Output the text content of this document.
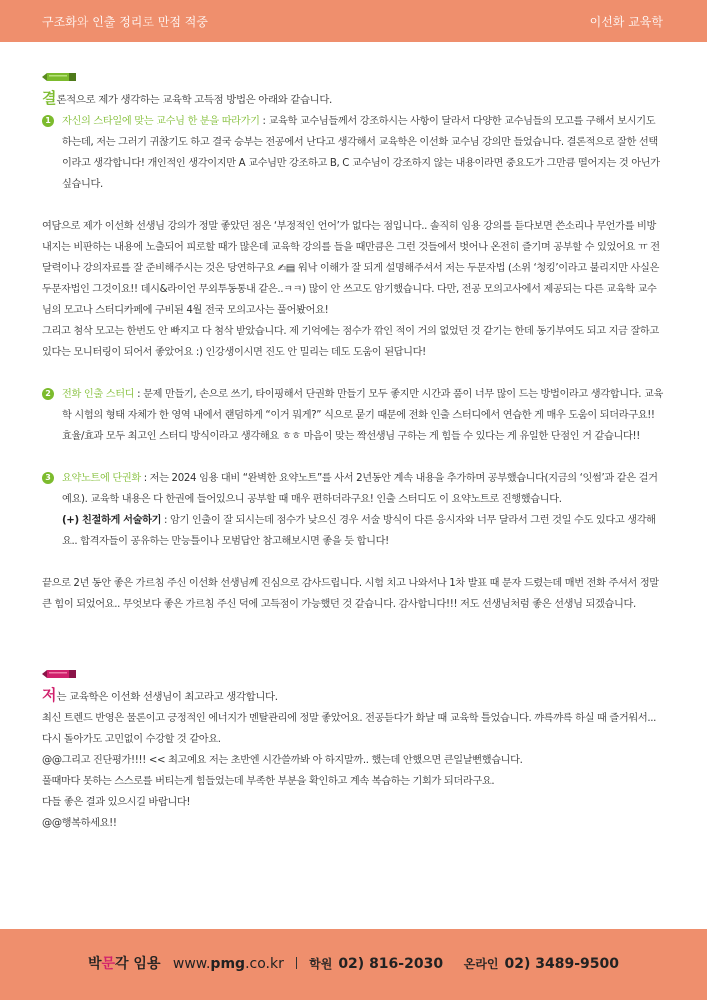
구조화와 인출 정리로 만점 적중	이선화 교육학

결론적으로 제가 생각하는 교육학 고득점 방법은 아래와 같습니다.

1	자신의 스타일에 맞는 교수님 한 분을 따라가기 : 교육학 교수님들께서 강조하시는 사항이 달라서 다양한 교수님들의 모고를 구해서 보시기도 하는데, 저는 그러기 귀찮기도 하고 결국 승부는 전공에서 난다고 생각해서 교육학은 이선화 교수님 강의만 들었습니다. 결론적으로 잘한 선택이라고 생각합니다! 개인적인 생각이지만 A 교수님만 강조하고 B, C 교수님이 강조하지 않는 내용이라면 중요도가 그만큼 떨어지는 것 아닌가 싶습니다.

여담으로 제가 이선화 선생님 강의가 정말 좋았던 점은 ‘부정적인 언어’가 없다는 점입니다.. 솔직히 임용 강의를 듣다보면 쓴소리나 무언가를 비방 내지는 비판하는 내용에 노출되어 피로할 때가 많은데 교육학 강의를 들을 때만큼은 그런 것들에서 벗어나 온전히 즐기며 공부할 수 있었어요 ㅠ 전달력이나 강의자료를 잘 준비해주시는 것은 당연하구요 ✍▤ 워낙 이해가 잘 되게 설명해주셔서 저는 두문자법 (소위 ‘청킹’이라고 불리지만 사실은 두문자법인 그것이요!! 데시&라이언 무외투동통내 같은..ㅋㅋ) 많이 안 쓰고도 암기했습니다. 다만, 전공 모의고사에서 제공되는 다른 교육학 교수님의 모고나 스터디카페에 구비된 4월 전국 모의고사는 풀어봤어요!

그리고 첨삭 모고는 한번도 안 빠지고 다 첨삭 받았습니다. 제 기억에는 점수가 깎인 적이 거의 없었던 것 같기는 한데 동기부여도 되고 지금 잘하고 있다는 모니터링이 되어서 좋았어요 :) 인강생이시면 진도 안 밀리는 데도 도움이 된답니다!

2	전화 인출 스터디 : 문제 만들기, 손으로 쓰기, 타이핑해서 단권화 만들기 모두 좋지만 시간과 품이 너무 많이 드는 방법이라고 생각합니다. 교육학 시험의 형태 자체가 한 영역 내에서 랜덤하게 “이거 뭐게?” 식으로 묻기 때문에 전화 인출 스터디에서 연습한 게 매우 도움이 되더라구요!! 효율/효과 모두 최고인 스터디 방식이라고 생각해요 ㅎㅎ 마음이 맞는 짝선생님 구하는 게 힘들 수 있다는 게 유일한 단점인 거 같습니다!!
3	요약노트에 단권화 : 저는 2024 임용 대비 “완벽한 요약노트”를 사서 2년동안 계속 내용을 추가하며 공부했습니다(지금의 ‘잇썸’과 같은 걸거예요). 교육학 내용은 다 한권에 들어있으니 공부할 때 매우 편하더라구요! 인출 스터디도 이 요약노트로 진행했습니다.
(+) 친절하게 서술하기 : 암기 인출이 잘 되시는데 점수가 낮으신 경우 서술 방식이 다른 응시자와 너무 달라서 그런 것일 수도 있다고 생각해요.. 합격자들이 공유하는 만능틀이나 모범답안 참고해보시면 좋을 듯 합니다!

끝으로 2년 동안 좋은 가르침 주신 이선화 선생님께 진심으로 감사드립니다. 시험 치고 나와서나 1차 발표 때 문자 드렸는데 매번 전화 주셔서 정말 큰 힘이 되었어요.. 무엇보다 좋은 가르침 주신 덕에 고득점이 가능했던 것 같습니다. 감사합니다!!! 저도 선생님처럼 좋은 선생님 되겠습니다.

저는 교육학은 이선화 선생님이 최고라고 생각합니다.

최신 트렌드 반영은 물론이고 긍정적인 에너지가 멘탈관리에 정말 좋았어요. 전공듣다가 화날 때 교육학 틀었습니다. 꺄륵꺄륵 하실 때 즐거워서... 다시 돌아가도 고민없이 수강할 것 같아요.

@@그리고 진단평가!!!! << 최고예요 저는 초반엔 시간쓸까봐 아 하지말까.. 했는데 안했으면 큰일날뻔했습니다.

풀때마다 못하는 스스로를 버티는게 힘들었는데 부족한 부분을 확인하고 계속 복습하는 기회가 되더라구요.

다들 좋은 결과 있으시길 바랍니다!

@@행복하세요!!

박문각 임용 www.pmg.co.kr 학원 02) 816-2030 온라인 02) 3489-9500
